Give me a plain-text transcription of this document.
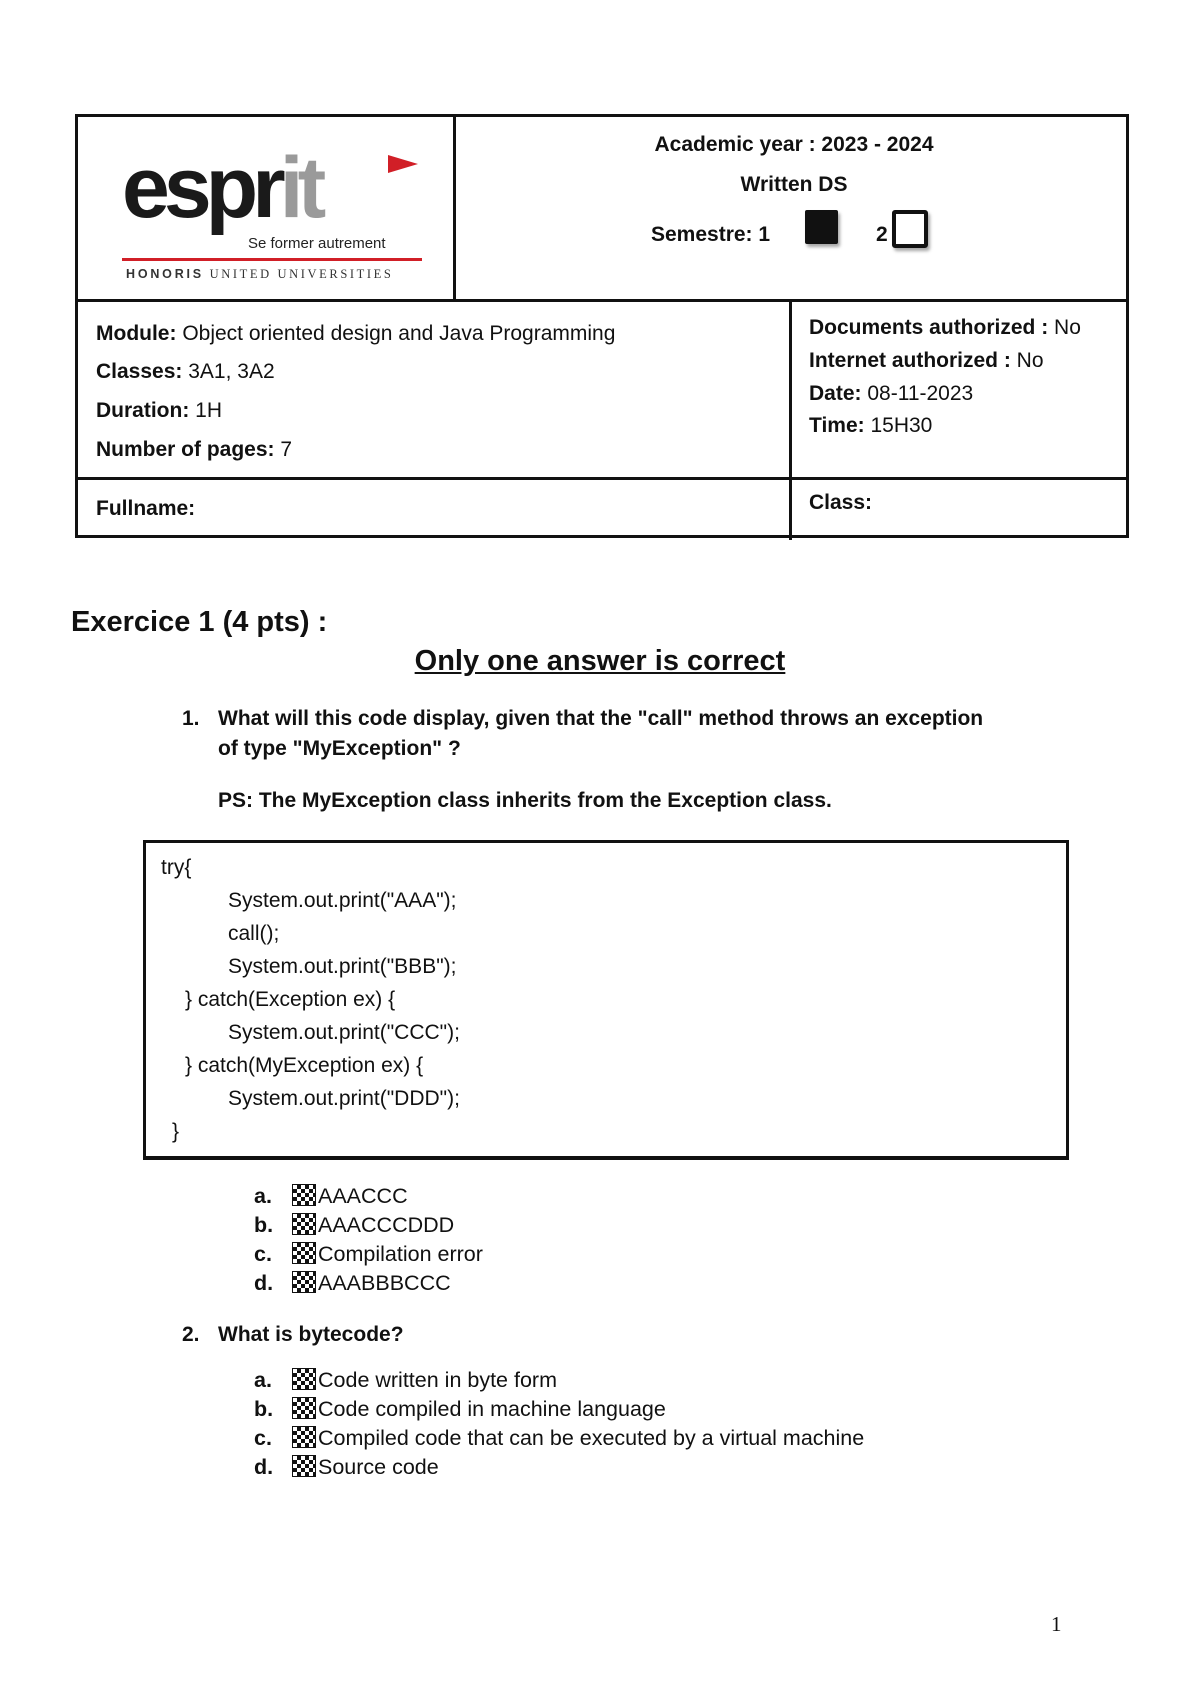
esprit
Se former autrement
HONORIS UNITED UNIVERSITIES
Academic year : 2023 - 2024
Written DS
Semestre: 1	2
Module: Object oriented design and Java Programming
Classes: 3A1, 3A2
Duration: 1H
Number of pages: 7
Documents authorized : No
Internet authorized : No
Date: 08-11-2023
Time: 15H30
Fullname:	Class:
Exercice 1 (4 pts) :
Only one answer is correct
1. What will this code display, given that the "call" method throws an exception
of type "MyException" ?
PS: The MyException class inherits from the Exception class.
try{
System.out.print("AAA");
call();
System.out.print("BBB");
} catch(Exception ex) {
System.out.print("CCC");
} catch(MyException ex) {
System.out.print("DDD");
}
a. AAACCC
b. AAACCCDDD
c. Compilation error
d. AAABBBCCC
2. What is bytecode?
a. Code written in byte form
b. Code compiled in machine language
c. Compiled code that can be executed by a virtual machine
d. Source code
1
